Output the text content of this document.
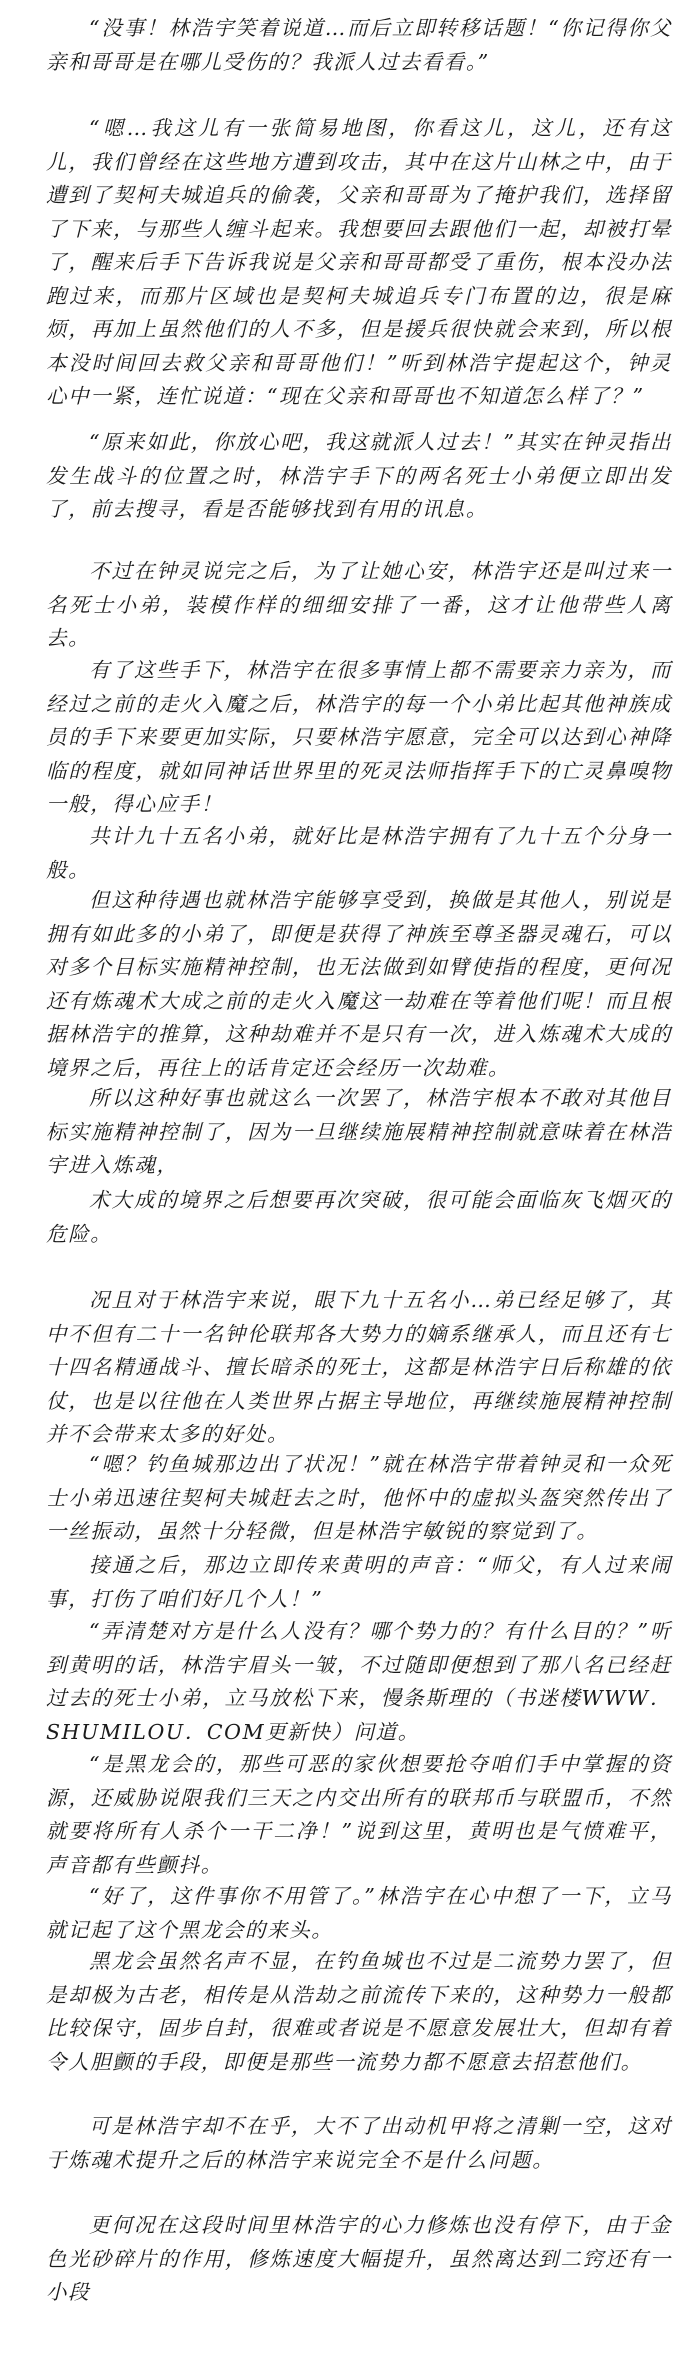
“没事！林浩宇笑着说道…而后立即转移话题！“你记得你父亲和哥哥是在哪儿受伤的？我派人过去看看。”

“嗯…我这儿有一张简易地图，你看这儿，这儿，还有这儿，我们曾经在这些地方遭到攻击，其中在这片山林之中，由于遭到了契柯夫城追兵的偷袭，父亲和哥哥为了掩护我们，选择留了下来，与那些人缠斗起来。我想要回去跟他们一起，却被打晕了，醒来后手下告诉我说是父亲和哥哥都受了重伤，根本没办法跑过来，而那片区域也是契柯夫城追兵专门布置的边，很是麻烦，再加上虽然他们的人不多，但是援兵很快就会来到，所以根本没时间回去救父亲和哥哥他们！”听到林浩宇提起这个，钟灵心中一紧，连忙说道：“现在父亲和哥哥也不知道怎么样了？”

“原来如此，你放心吧，我这就派人过去！”其实在钟灵指出发生战斗的位置之时，林浩宇手下的两名死士小弟便立即出发了，前去搜寻，看是否能够找到有用的讯息。

不过在钟灵说完之后，为了让她心安，林浩宇还是叫过来一名死士小弟，装模作样的细细安排了一番，这才让他带些人离去。

有了这些手下，林浩宇在很多事情上都不需要亲力亲为，而经过之前的走火入魔之后，林浩宇的每一个小弟比起其他神族成员的手下来要更加实际，只要林浩宇愿意，完全可以达到心神降临的程度，就如同神话世界里的死灵法师指挥手下的亡灵鼻嗅物一般，得心应手！

共计九十五名小弟，就好比是林浩宇拥有了九十五个分身一般。

但这种待遇也就林浩宇能够享受到，换做是其他人，别说是拥有如此多的小弟了，即便是获得了神族至尊圣器灵魂石，可以对多个目标实施精神控制，也无法做到如臂使指的程度，更何况还有炼魂术大成之前的走火入魔这一劫难在等着他们呢！而且根据林浩宇的推算，这种劫难并不是只有一次，进入炼魂术大成的境界之后，再往上的话肯定还会经历一次劫难。

所以这种好事也就这么一次罢了，林浩宇根本不敢对其他目标实施精神控制了，因为一旦继续施展精神控制就意味着在林浩宇进入炼魂，

术大成的境界之后想要再次突破，很可能会面临灰飞烟灭的危险。

况且对于林浩宇来说，眼下九十五名小…弟已经足够了，其中不但有二十一名钟伦联邦各大势力的嫡系继承人，而且还有七十四名精通战斗、擅长暗杀的死士，这都是林浩宇日后称雄的依仗，也是以往他在人类世界占据主导地位，再继续施展精神控制并不会带来太多的好处。

“嗯？钓鱼城那边出了状况！”就在林浩宇带着钟灵和一众死士小弟迅速往契柯夫城赶去之时，他怀中的虚拟头盔突然传出了一丝振动，虽然十分轻微，但是林浩宇敏锐的察觉到了。

接通之后，那边立即传来黄明的声音：“师父，有人过来闹事，打伤了咱们好几个人！”

“弄清楚对方是什么人没有？哪个势力的？有什么目的？”听到黄明的话，林浩宇眉头一皱，不过随即便想到了那八名已经赶过去的死士小弟，立马放松下来，慢条斯理的（书迷楼WWW．SHUMILOU．COM更新快）问道。

“是黑龙会的，那些可恶的家伙想要抢夺咱们手中掌握的资源，还威胁说限我们三天之内交出所有的联邦币与联盟币，不然就要将所有人杀个一干二净！”说到这里，黄明也是气愤难平，声音都有些颤抖。

“好了，这件事你不用管了。”林浩宇在心中想了一下，立马就记起了这个黑龙会的来头。

黑龙会虽然名声不显，在钓鱼城也不过是二流势力罢了，但是却极为古老，相传是从浩劫之前流传下来的，这种势力一般都比较保守，固步自封，很难或者说是不愿意发展壮大，但却有着令人胆颤的手段，即便是那些一流势力都不愿意去招惹他们。

可是林浩宇却不在乎，大不了出动机甲将之清剿一空，这对于炼魂术提升之后的林浩宇来说完全不是什么问题。

更何况在这段时间里林浩宇的心力修炼也没有停下，由于金色光砂碎片的作用，修炼速度大幅提升，虽然离达到二窍还有一小段
